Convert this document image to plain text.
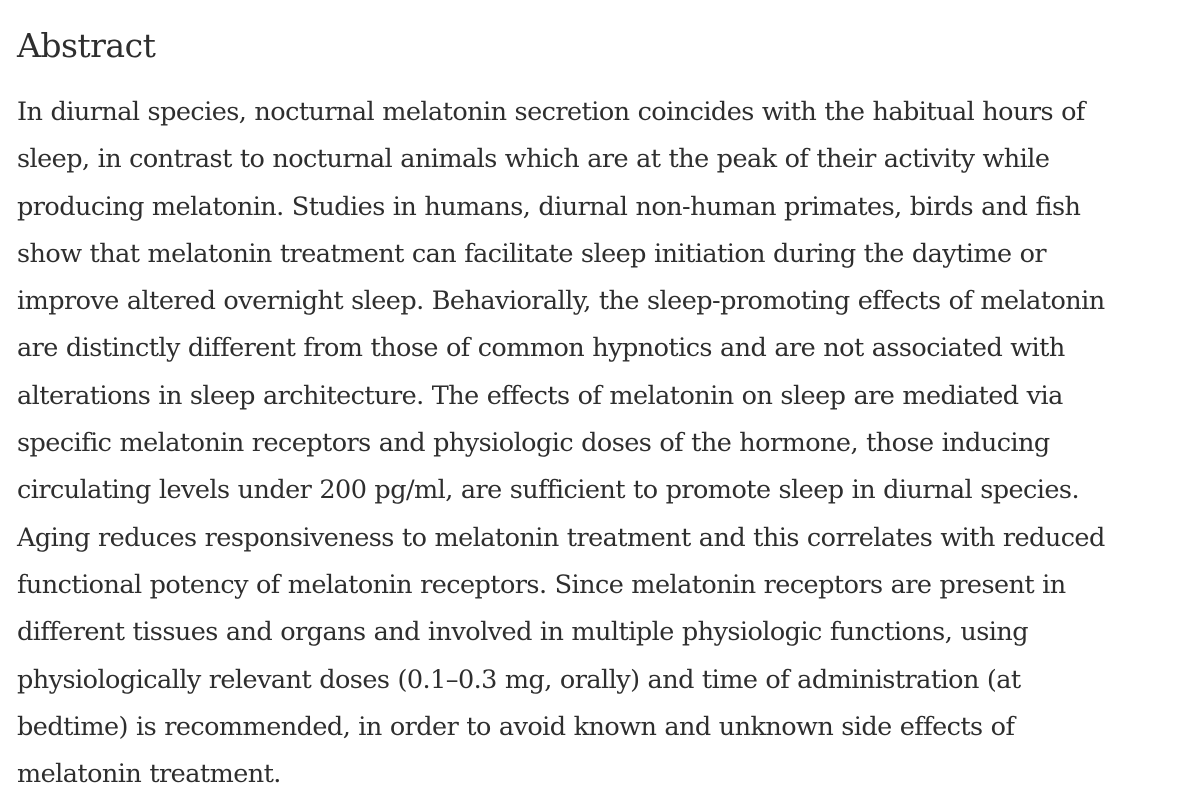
Abstract

In diurnal species, nocturnal melatonin secretion coincides with the habitual hours of
sleep, in contrast to nocturnal animals which are at the peak of their activity while
producing melatonin. Studies in humans, diurnal non-human primates, birds and fish
show that melatonin treatment can facilitate sleep initiation during the daytime or
improve altered overnight sleep. Behaviorally, the sleep-promoting effects of melatonin
are distinctly different from those of common hypnotics and are not associated with
alterations in sleep architecture. The effects of melatonin on sleep are mediated via
specific melatonin receptors and physiologic doses of the hormone, those inducing
circulating levels under 200 pg/ml, are sufficient to promote sleep in diurnal species.
Aging reduces responsiveness to melatonin treatment and this correlates with reduced
functional potency of melatonin receptors. Since melatonin receptors are present in
different tissues and organs and involved in multiple physiologic functions, using
physiologically relevant doses (0.1–0.3 mg, orally) and time of administration (at
bedtime) is recommended, in order to avoid known and unknown side effects of
melatonin treatment.
